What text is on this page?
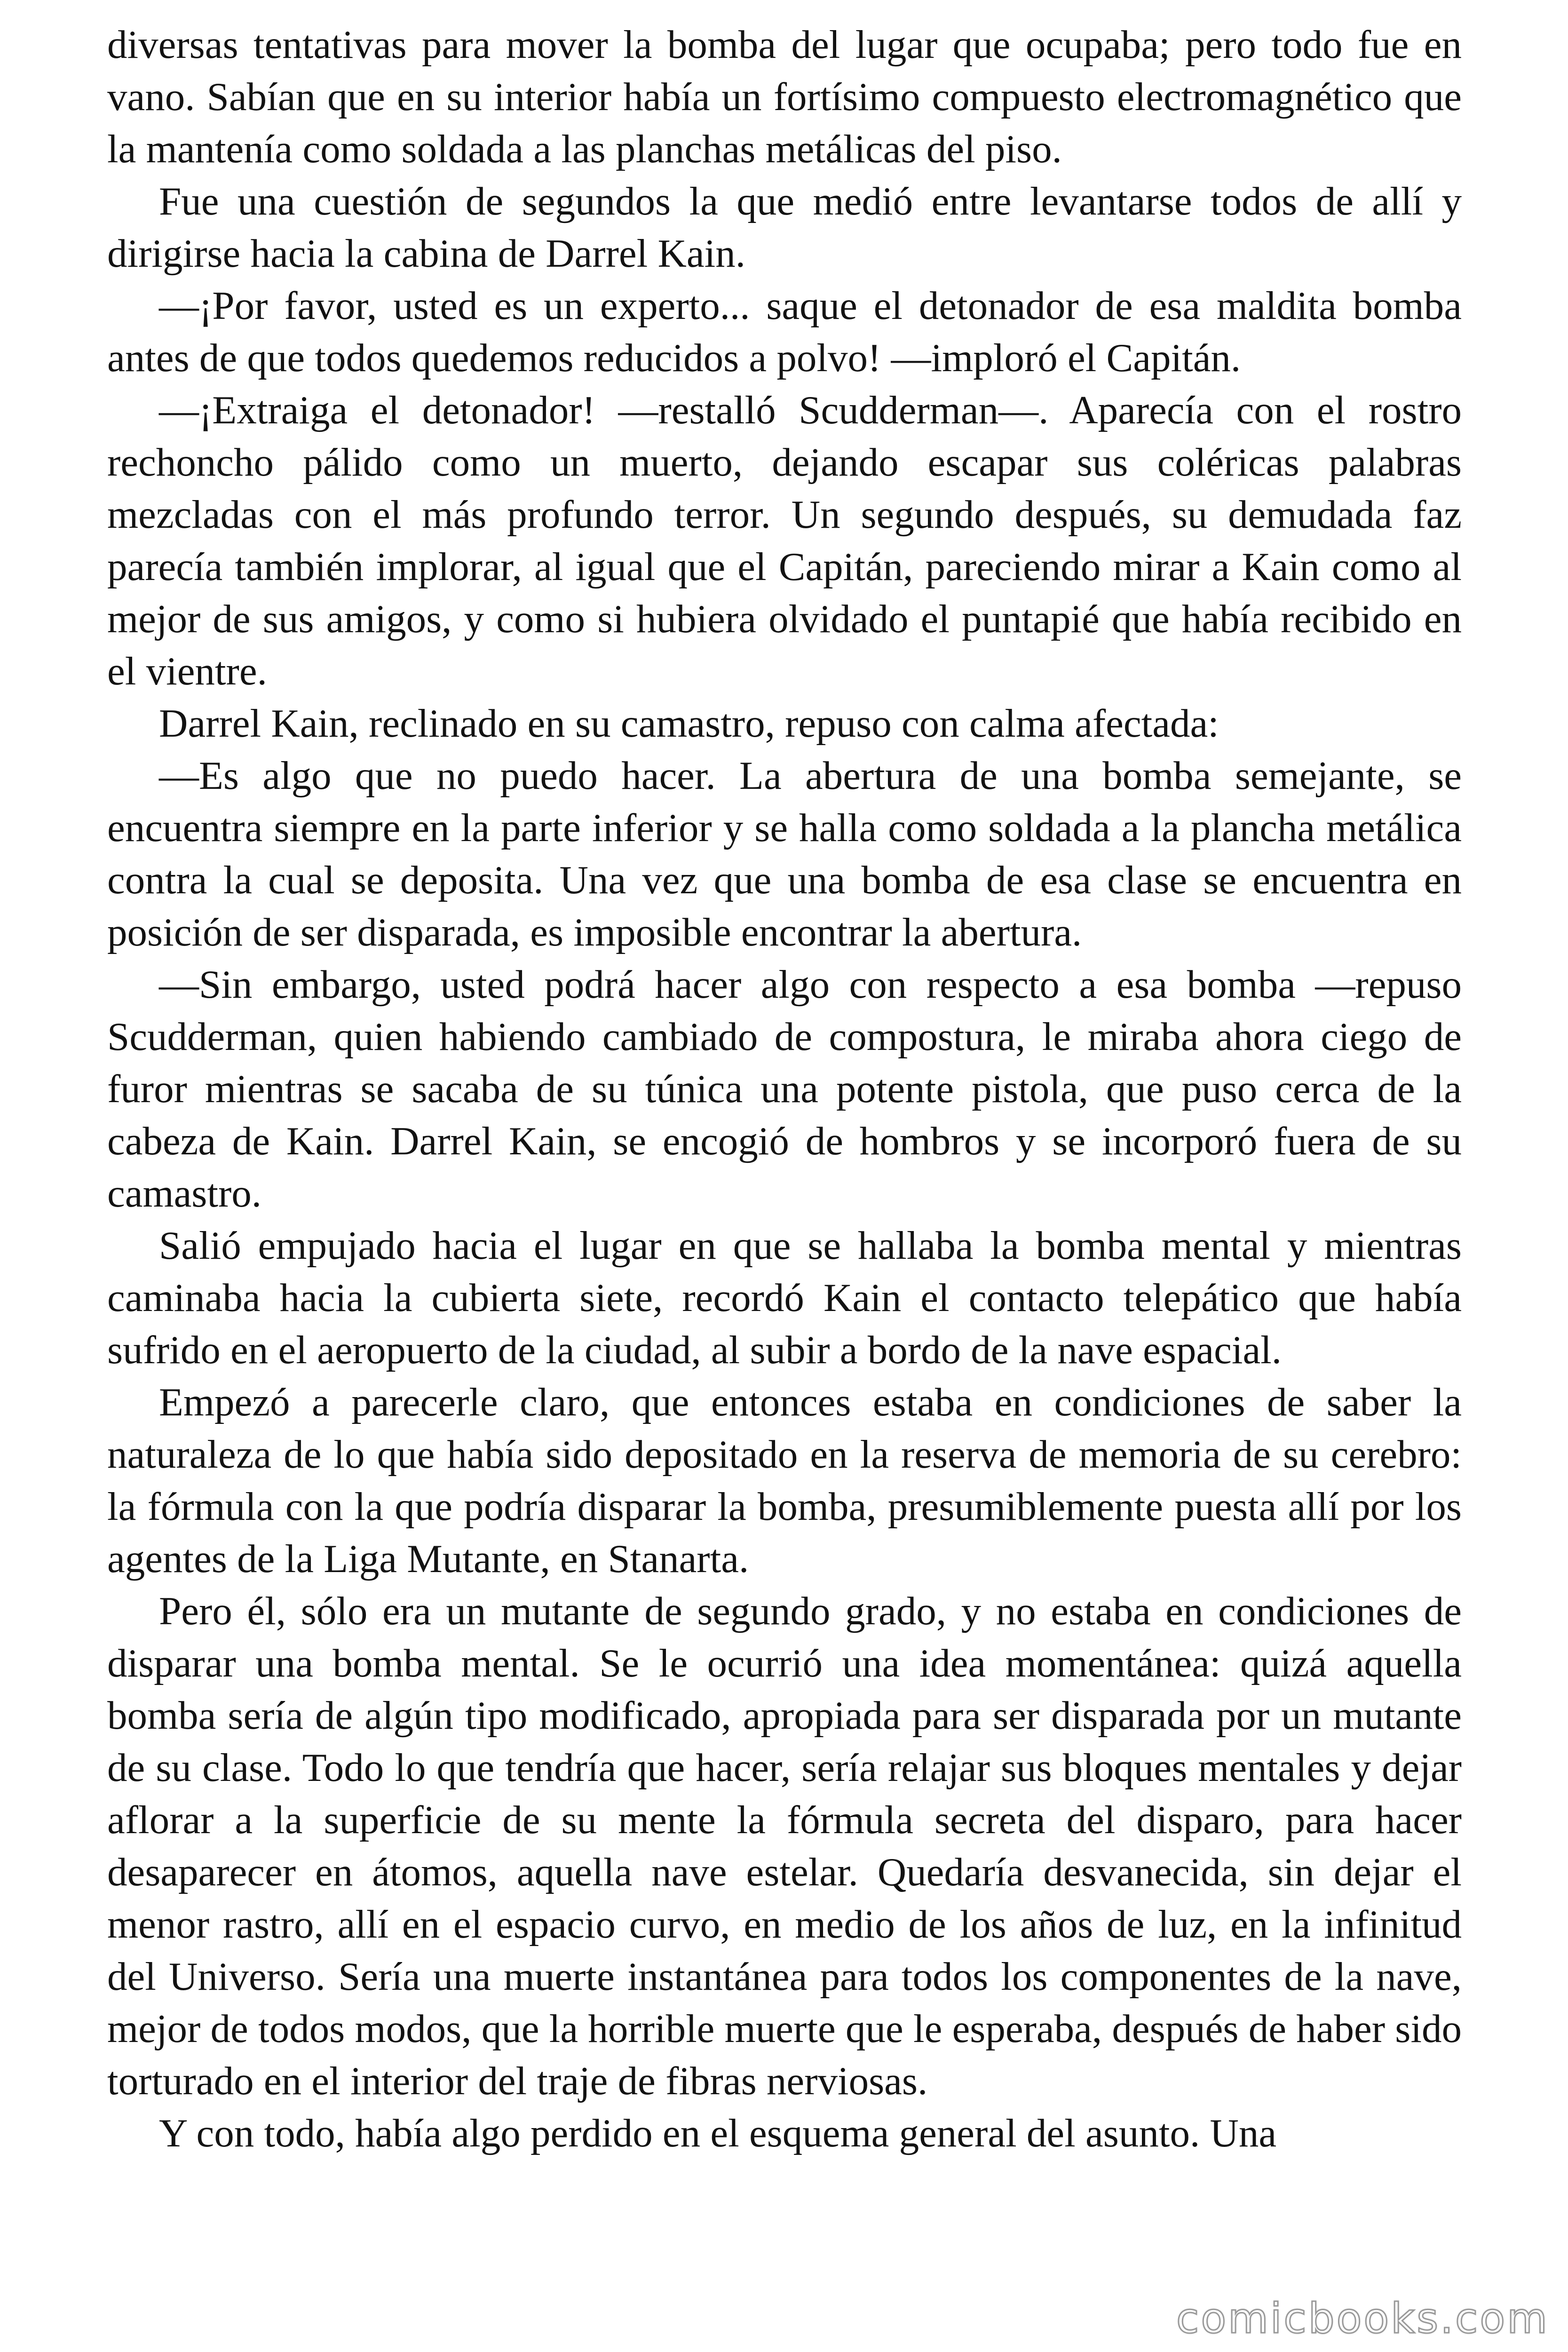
diversas tentativas para mover la bomba del lugar que ocupaba; pero todo fue en vano. Sabían que en su interior había un fortísimo compuesto electromagnético que la mantenía como soldada a las planchas metálicas del piso.

Fue una cuestión de segundos la que medió entre levantarse todos de allí y dirigirse hacia la cabina de Darrel Kain.

—¡Por favor, usted es un experto... saque el detonador de esa maldita bomba antes de que todos quedemos reducidos a polvo! —imploró el Capitán.

—¡Extraiga el detonador! —restalló Scudderman—. Aparecía con el rostro rechoncho pálido como un muerto, dejando escapar sus coléricas palabras mezcladas con el más profundo terror. Un segundo después, su demudada faz parecía también implorar, al igual que el Capitán, pareciendo mirar a Kain como al mejor de sus amigos, y como si hubiera olvidado el puntapié que había recibido en el vientre.

Darrel Kain, reclinado en su camastro, repuso con calma afectada:

—Es algo que no puedo hacer. La abertura de una bomba semejante, se encuentra siempre en la parte inferior y se halla como soldada a la plancha metálica contra la cual se deposita. Una vez que una bomba de esa clase se encuentra en posición de ser disparada, es imposible encontrar la abertura.

—Sin embargo, usted podrá hacer algo con respecto a esa bomba —repuso Scudderman, quien habiendo cambiado de compostura, le miraba ahora ciego de furor mientras se sacaba de su túnica una potente pistola, que puso cerca de la cabeza de Kain. Darrel Kain, se encogió de hombros y se incorporó fuera de su camastro.

Salió empujado hacia el lugar en que se hallaba la bomba mental y mientras caminaba hacia la cubierta siete, recordó Kain el contacto telepático que había sufrido en el aeropuerto de la ciudad, al subir a bordo de la nave espacial.

Empezó a parecerle claro, que entonces estaba en condiciones de saber la naturaleza de lo que había sido depositado en la reserva de memoria de su cerebro: la fórmula con la que podría disparar la bomba, presumiblemente puesta allí por los agentes de la Liga Mutante, en Stanarta.

Pero él, sólo era un mutante de segundo grado, y no estaba en condiciones de disparar una bomba mental. Se le ocurrió una idea momentánea: quizá aquella bomba sería de algún tipo modificado, apropiada para ser disparada por un mutante de su clase. Todo lo que tendría que hacer, sería relajar sus bloques mentales y dejar aflorar a la superficie de su mente la fórmula secreta del disparo, para hacer desaparecer en átomos, aquella nave estelar. Quedaría desvanecida, sin dejar el menor rastro, allí en el espacio curvo, en medio de los años de luz, en la infinitud del Universo. Sería una muerte instantánea para todos los componentes de la nave, mejor de todos modos, que la horrible muerte que le esperaba, después de haber sido torturado en el interior del traje de fibras nerviosas.

Y con todo, había algo perdido en el esquema general del asunto. Una

comicbooks.com
